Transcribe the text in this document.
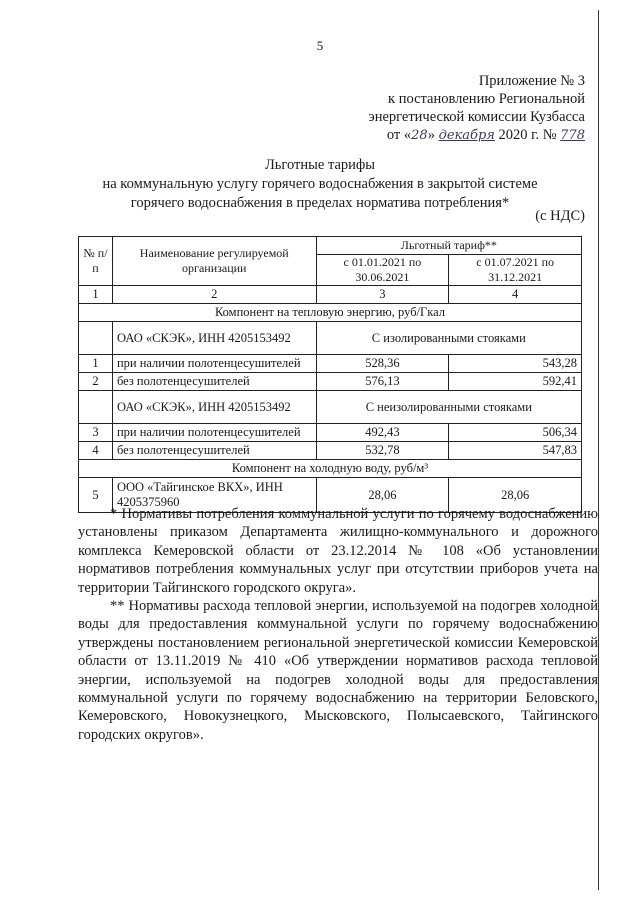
5
Приложение № 3
к постановлению Региональной
энергетической комиссии Кузбасса
от «28» декабря 2020 г. № 778
Льготные тарифы
на коммунальную услугу горячего водоснабжения в закрытой системе
горячего водоснабжения в пределах норматива потребления*
(с НДС)
№ п/п	Наименование регулируемой организации	Льготный тариф**	
		с 01.01.2021 по 30.06.2021	с 01.07.2021 по 31.12.2021
1	2	3	4
Компонент на тепловую энергию, руб/Гкал			
	ОАО «СКЭК», ИНН 4205153492	С изолированными стояками	
1	при наличии полотенцесушителей	528,36	543,28
2	без полотенцесушителей	576,13	592,41
	ОАО «СКЭК», ИНН 4205153492	С неизолированными стояками	
3	при наличии полотенцесушителей	492,43	506,34
4	без полотенцесушителей	532,78	547,83
Компонент на холодную воду, руб/м³			
5	ООО «Тайгинское ВКХ», ИНН 4205375960	28,06	28,06

* Нормативы потребления коммунальной услуги по горячему водоснабжению установлены приказом Департамента жилищно-коммунального и дорожного комплекса Кемеровской области от 23.12.2014 № 108 «Об установлении нормативов потребления коммунальных услуг при отсутствии приборов учета на территории Тайгинского городского округа».

** Нормативы расхода тепловой энергии, используемой на подогрев холодной воды для предоставления коммунальной услуги по горячему водоснабжению утверждены постановлением региональной энергетической комиссии Кемеровской области от 13.11.2019 № 410 «Об утверждении нормативов расхода тепловой энергии, используемой на подогрев холодной воды для предоставления коммунальной услуги по горячему водоснабжению на территории Беловского, Кемеровского, Новокузнецкого, Мысковского, Полысаевского, Тайгинского городских округов».
